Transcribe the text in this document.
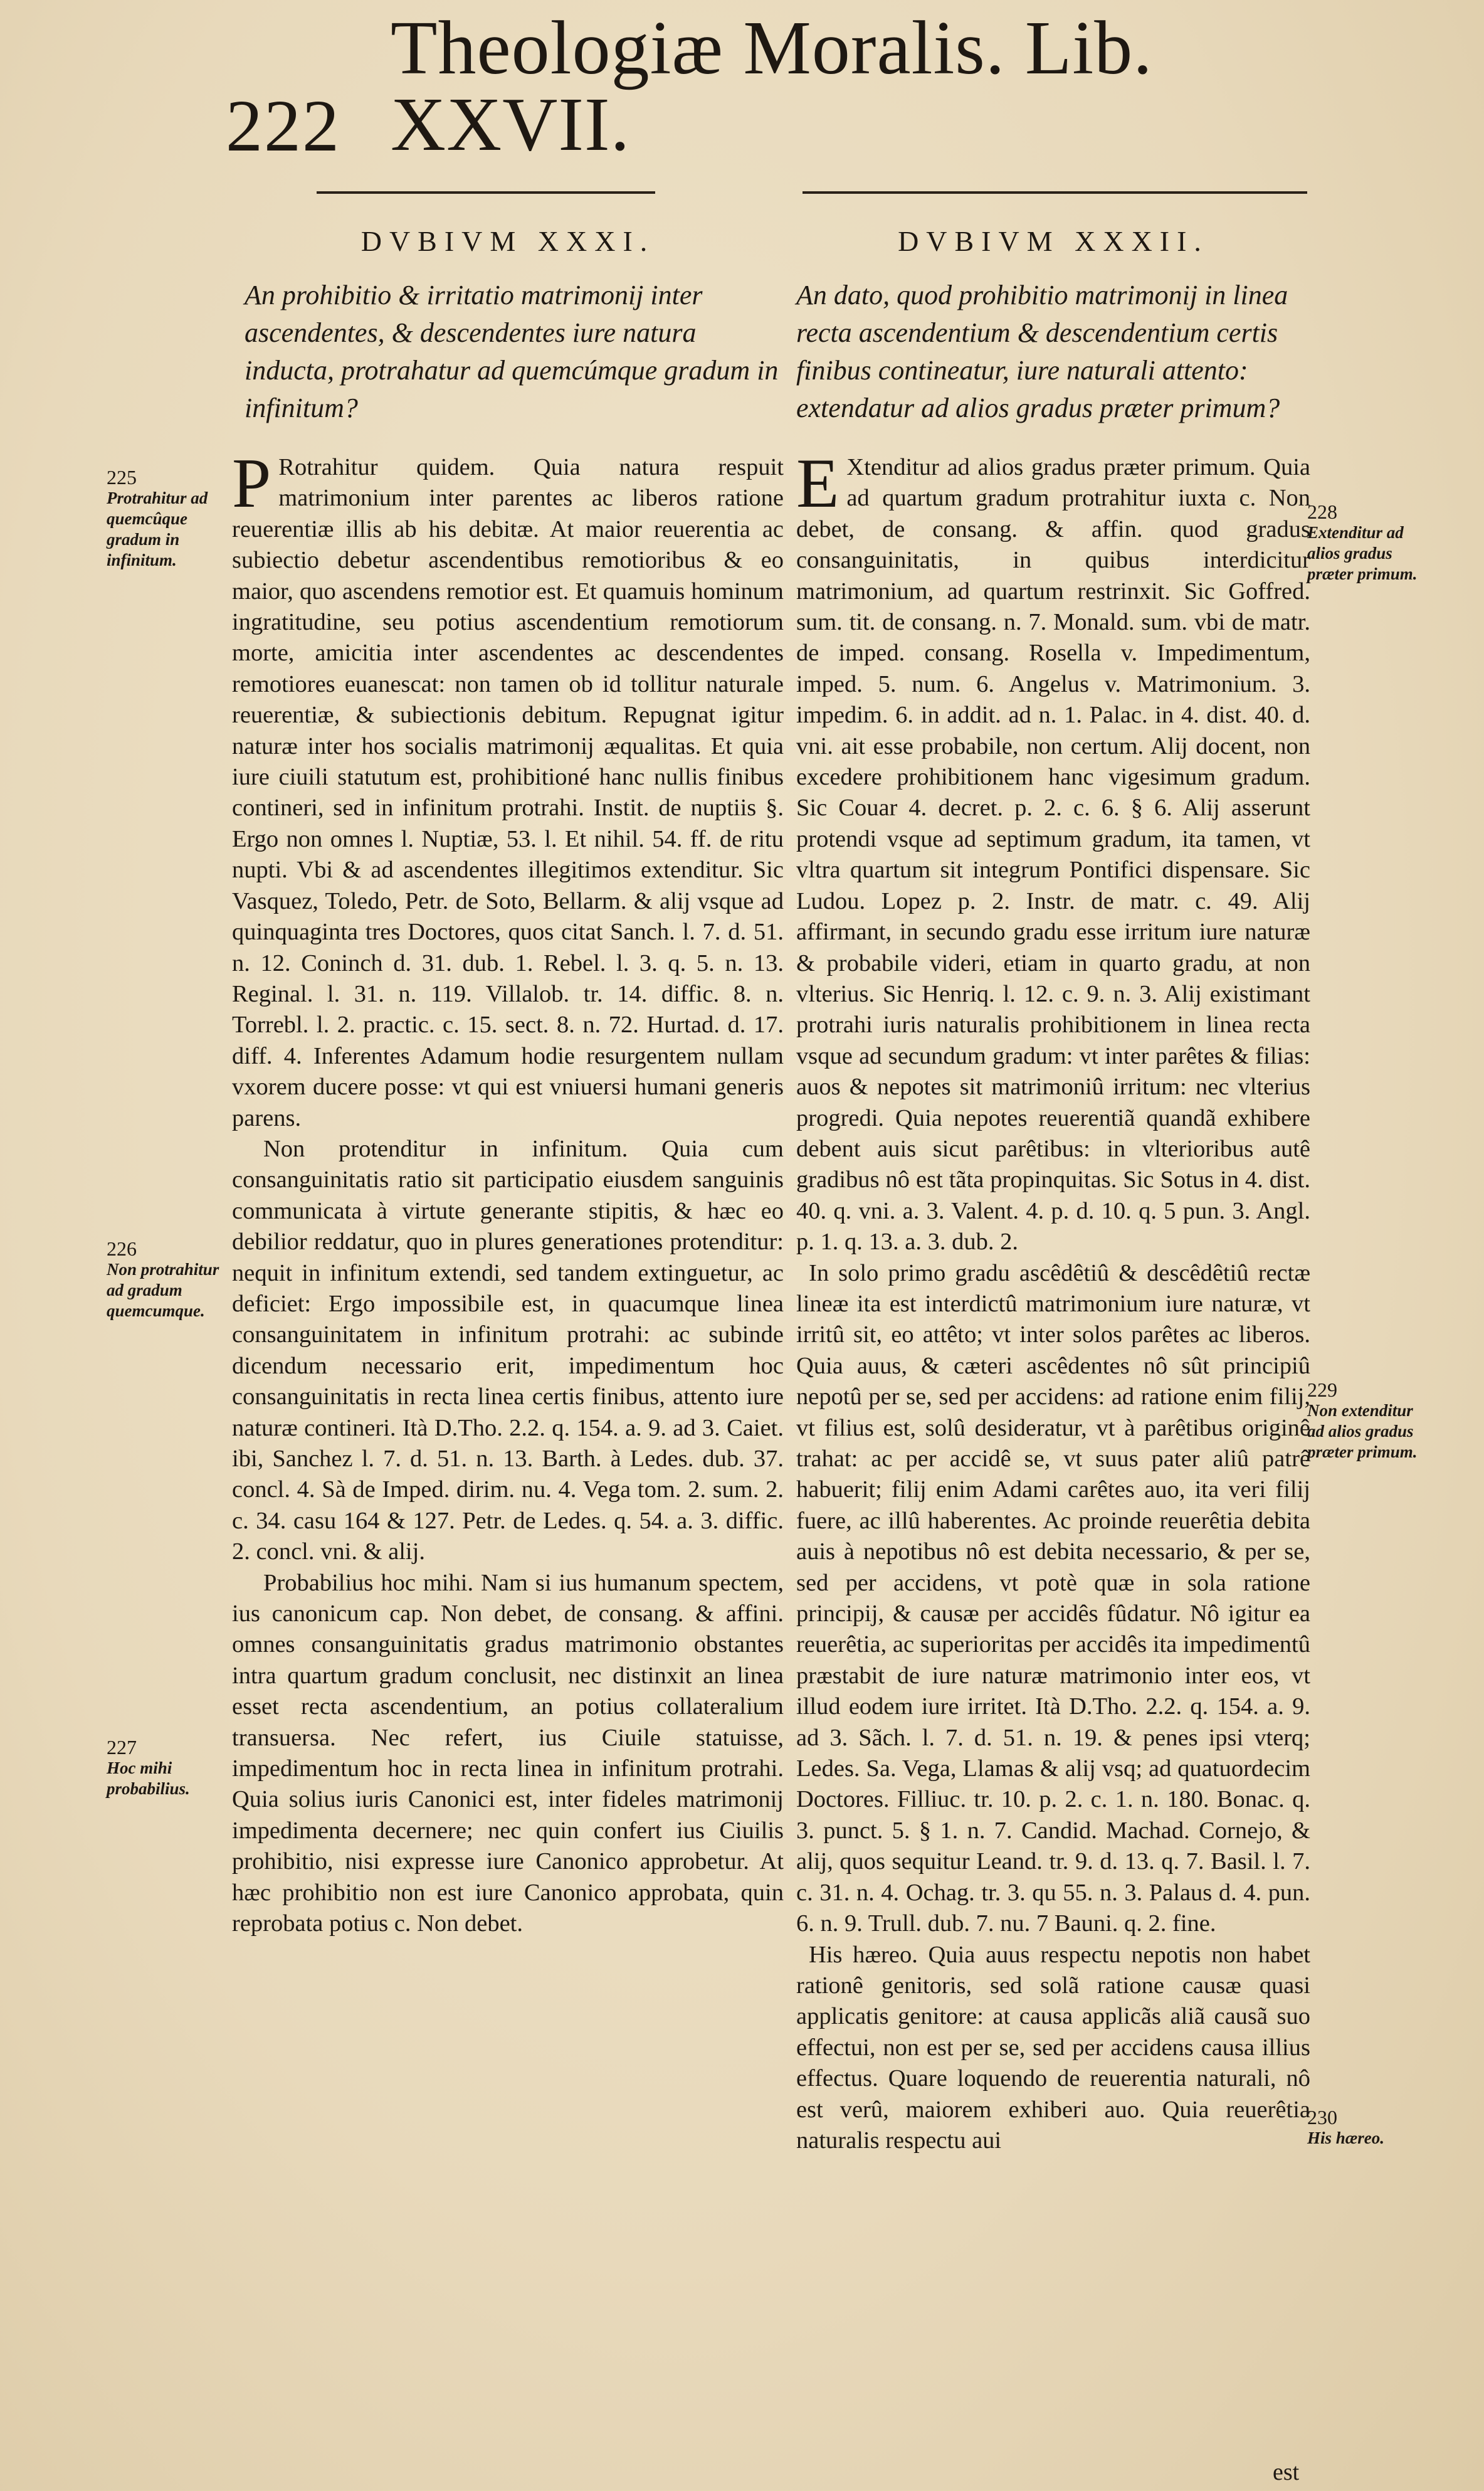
222
Theologiæ Moralis. Lib. XXVII.
DVBIVM XXXI.
An prohibitio & irritatio matrimonij inter ascendentes, & descendentes iure natura inducta, protrahatur ad quemcúmque gradum in infinitum?

P Rotrahitur quidem. Quia natura respuit matrimonium inter parentes ac liberos ratione reuerentiæ illis ab his debitæ. At maior reuerentia ac subiectio debetur ascendentibus remotioribus & eo maior, quo ascendens remotior est. Et quamuis hominum ingratitudine, seu potius ascendentium remotiorum morte, amicitia inter ascendentes ac descendentes remotiores euanescat: non tamen ob id tollitur naturale reuerentiæ, & subiectionis debitum. Repugnat igitur naturæ inter hos socialis matrimonij æqualitas. Et quia iure ciuili statutum est, prohibitioné hanc nullis finibus contineri, sed in infinitum protrahi. Instit. de nuptiis §. Ergo non omnes l. Nuptiæ, 53. l. Et nihil. 54. ff. de ritu nupti. Vbi & ad ascendentes illegitimos extenditur. Sic Vasquez, Toledo, Petr. de Soto, Bellarm. & alij vsque ad quinquaginta tres Doctores, quos citat Sanch. l. 7. d. 51. n. 12. Coninch d. 31. dub. 1. Rebel. l. 3. q. 5. n. 13. Reginal. l. 31. n. 119. Villalob. tr. 14. diffic. 8. n. Torrebl. l. 2. practic. c. 15. sect. 8. n. 72. Hurtad. d. 17. diff. 4. Inferentes Adamum hodie resurgentem nullam vxorem ducere posse: vt qui est vniuersi humani generis parens.

Non protenditur in infinitum. Quia cum consanguinitatis ratio sit participatio eiusdem sanguinis communicata à virtute generante stipitis, & hæc eo debilior reddatur, quo in plures generationes protenditur: nequit in infinitum extendi, sed tandem extinguetur, ac deficiet: Ergo impossibile est, in quacumque linea consanguinitatem in infinitum protrahi: ac subinde dicendum necessario erit, impedimentum hoc consanguinitatis in recta linea certis finibus, attento iure naturæ contineri. Ità D.Tho. 2.2. q. 154. a. 9. ad 3. Caiet. ibi, Sanchez l. 7. d. 51. n. 13. Barth. à Ledes. dub. 37. concl. 4. Sà de Imped. dirim. nu. 4. Vega tom. 2. sum. 2. c. 34. casu 164 & 127. Petr. de Ledes. q. 54. a. 3. diffic. 2. concl. vni. & alij.

Probabilius hoc mihi. Nam si ius humanum spectem, ius canonicum cap. Non debet, de consang. & affini. omnes consanguinitatis gradus matrimonio obstantes intra quartum gradum conclusit, nec distinxit an linea esset recta ascendentium, an potius collateralium transuersa. Nec refert, ius Ciuile statuisse, impedimentum hoc in recta linea in infinitum protrahi. Quia solius iuris Canonici est, inter fideles matrimonij impedimenta decernere; nec quin confert ius Ciuilis prohibitio, nisi expresse iure Canonico approbetur. At hæc prohibitio non est iure Canonico approbata, quin reprobata potius c. Non debet.

DVBIVM XXXII.
An dato, quod prohibitio matrimonij in linea recta ascendentium & descendentium certis finibus contineatur, iure naturali attento: extendatur ad alios gradus præter primum?

E Xtenditur ad alios gradus præter primum. Quia ad quartum gradum protrahitur iuxta c. Non debet, de consang. & affin. quod gradus consanguinitatis, in quibus interdicitur matrimonium, ad quartum restrinxit. Sic Goffred. sum. tit. de consang. n. 7. Monald. sum. vbi de matr. de imped. consang. Rosella v. Impedimentum, imped. 5. num. 6. Angelus v. Matrimonium. 3. impedim. 6. in addit. ad n. 1. Palac. in 4. dist. 40. d. vni. ait esse probabile, non certum. Alij docent, non excedere prohibitionem hanc vigesimum gradum. Sic Couar 4. decret. p. 2. c. 6. § 6. Alij asserunt protendi vsque ad septimum gradum, ita tamen, vt vltra quartum sit integrum Pontifici dispensare. Sic Ludou. Lopez p. 2. Instr. de matr. c. 49. Alij affirmant, in secundo gradu esse irritum iure naturæ & probabile videri, etiam in quarto gradu, at non vlterius. Sic Henriq. l. 12. c. 9. n. 3. Alij existimant protrahi iuris naturalis prohibitionem in linea recta vsque ad secundum gradum: vt inter parêtes & filias: auos & nepotes sit matrimoniû irritum: nec vlterius progredi. Quia nepotes reuerentiã quandã exhibere debent auis sicut parêtibus: in vlterioribus autê gradibus nô est tãta propinquitas. Sic Sotus in 4. dist. 40. q. vni. a. 3. Valent. 4. p. d. 10. q. 5 pun. 3. Angl. p. 1. q. 13. a. 3. dub. 2.

In solo primo gradu ascêdêtiû & descêdêtiû rectæ lineæ ita est interdictû matrimonium iure naturæ, vt irritû sit, eo attêto; vt inter solos parêtes ac liberos. Quia auus, & cæteri ascêdentes nô sût principiû nepotû per se, sed per accidens: ad ratione enim filij, vt filius est, solû desideratur, vt à parêtibus originê trahat: ac per accidê se, vt suus pater aliû patrê habuerit; filij enim Adami carêtes auo, ita veri filij fuere, ac illû haberentes. Ac proinde reuerêtia debita auis à nepotibus nô est debita necessario, & per se, sed per accidens, vt potè quæ in sola ratione principij, & causæ per accidês fûdatur. Nô igitur ea reuerêtia, ac superioritas per accidês ita impedimentû præstabit de iure naturæ matrimonio inter eos, vt illud eodem iure irritet. Ità D.Tho. 2.2. q. 154. a. 9. ad 3. Sãch. l. 7. d. 51. n. 19. & penes ipsi vterq; Ledes. Sa. Vega, Llamas & alij vsq; ad quatuordecim Doctores. Filliuc. tr. 10. p. 2. c. 1. n. 180. Bonac. q. 3. punct. 5. § 1. n. 7. Candid. Machad. Cornejo, & alij, quos sequitur Leand. tr. 9. d. 13. q. 7. Basil. l. 7. c. 31. n. 4. Ochag. tr. 3. qu 55. n. 3. Palaus d. 4. pun. 6. n. 9. Trull. dub. 7. nu. 7 Bauni. q. 2. fine.

His hæreo. Quia auus respectu nepotis non habet rationê genitoris, sed solã ratione causæ quasi applicatis genitore: at causa applicãs aliã causã suo effectui, non est per se, sed per accidens causa illius effectus. Quare loquendo de reuerentia naturali, nô est verû, maiorem exhiberi auo. Quia reuerêtia naturalis respectu aui

225
Protrahitur ad quemcûque gradum in infinitum.
226
Non protrahitur ad gradum quemcumque.
227
Hoc mihi probabilius.
228
Extenditur ad alios gradus præter primum.
229
Non extenditur ad alios gradus præter primum.
230
His hæreo.
est
